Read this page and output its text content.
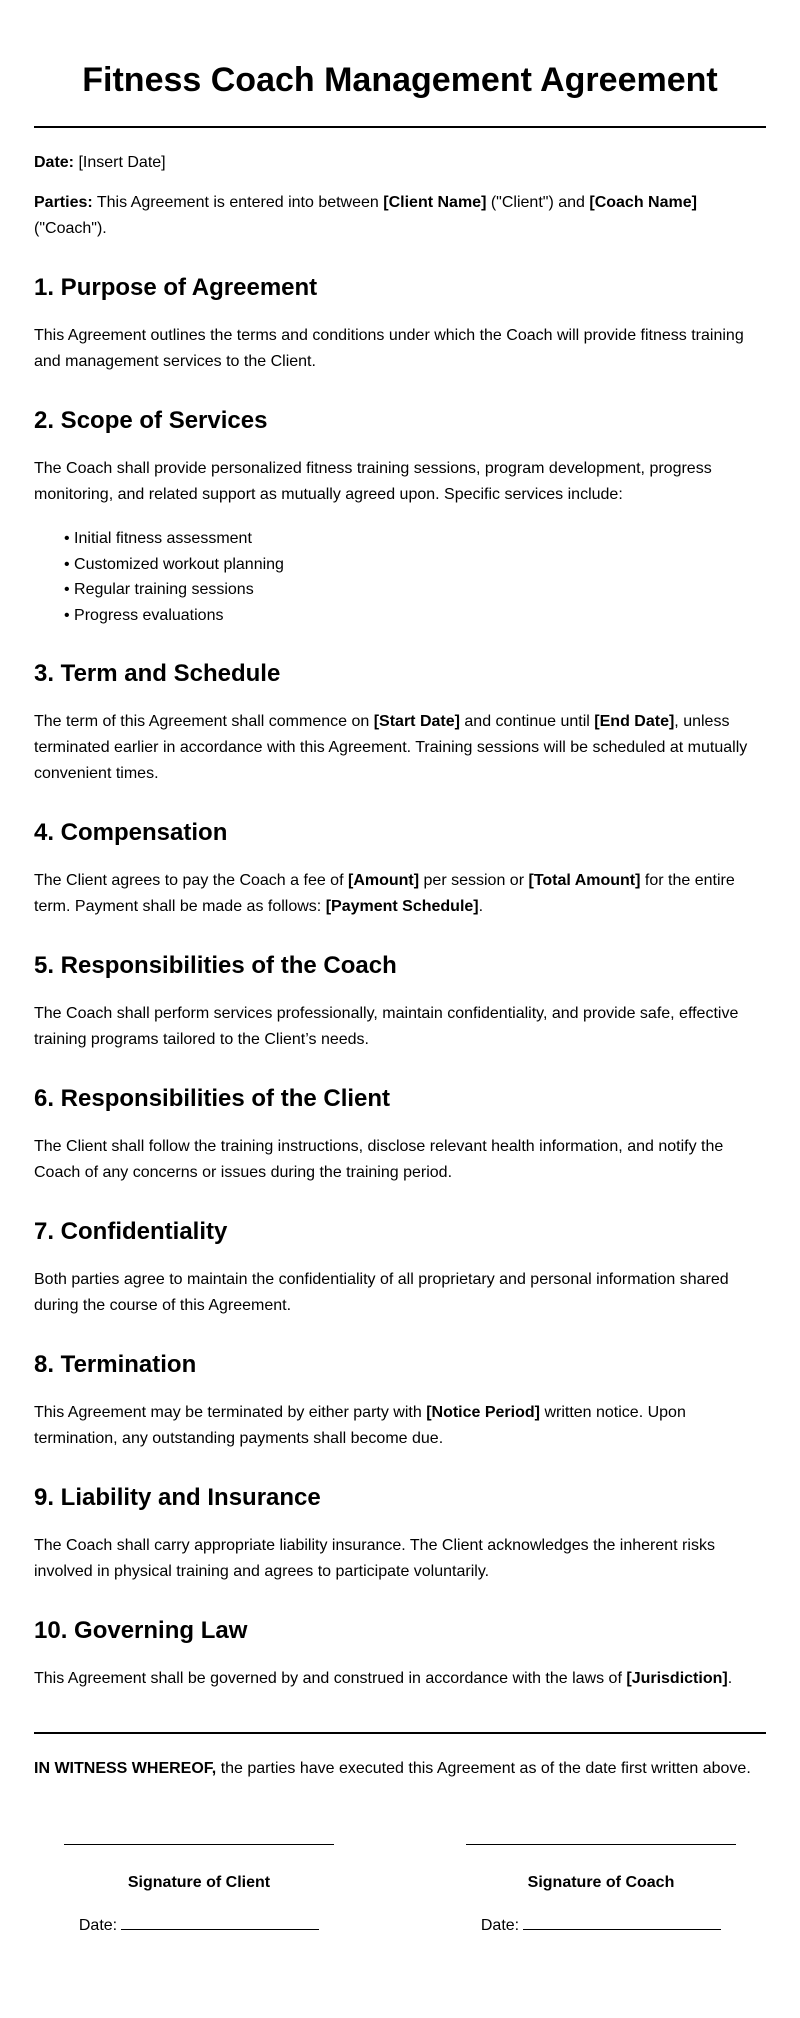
Fitness Coach Management Agreement

Date: [Insert Date]

Parties: This Agreement is entered into between [Client Name] ("Client") and [Coach Name] ("Coach").

1. Purpose of Agreement

This Agreement outlines the terms and conditions under which the Coach will provide fitness training and management services to the Client.

2. Scope of Services

The Coach shall provide personalized fitness training sessions, program development, progress monitoring, and related support as mutually agreed upon. Specific services include:

• Initial fitness assessment
• Customized workout planning
• Regular training sessions
• Progress evaluations
3. Term and Schedule

The term of this Agreement shall commence on [Start Date] and continue until [End Date], unless terminated earlier in accordance with this Agreement. Training sessions will be scheduled at mutually convenient times.

4. Compensation

The Client agrees to pay the Coach a fee of [Amount] per session or [Total Amount] for the entire term. Payment shall be made as follows: [Payment Schedule].

5. Responsibilities of the Coach

The Coach shall perform services professionally, maintain confidentiality, and provide safe, effective training programs tailored to the Client’s needs.

6. Responsibilities of the Client

The Client shall follow the training instructions, disclose relevant health information, and notify the Coach of any concerns or issues during the training period.

7. Confidentiality

Both parties agree to maintain the confidentiality of all proprietary and personal information shared during the course of this Agreement.

8. Termination

This Agreement may be terminated by either party with [Notice Period] written notice. Upon termination, any outstanding payments shall become due.

9. Liability and Insurance

The Coach shall carry appropriate liability insurance. The Client acknowledges the inherent risks involved in physical training and agrees to participate voluntarily.

10. Governing Law

This Agreement shall be governed by and construed in accordance with the laws of [Jurisdiction].

IN WITNESS WHEREOF, the parties have executed this Agreement as of the date first written above.

Signature of Client
Date:
Signature of Coach
Date:
